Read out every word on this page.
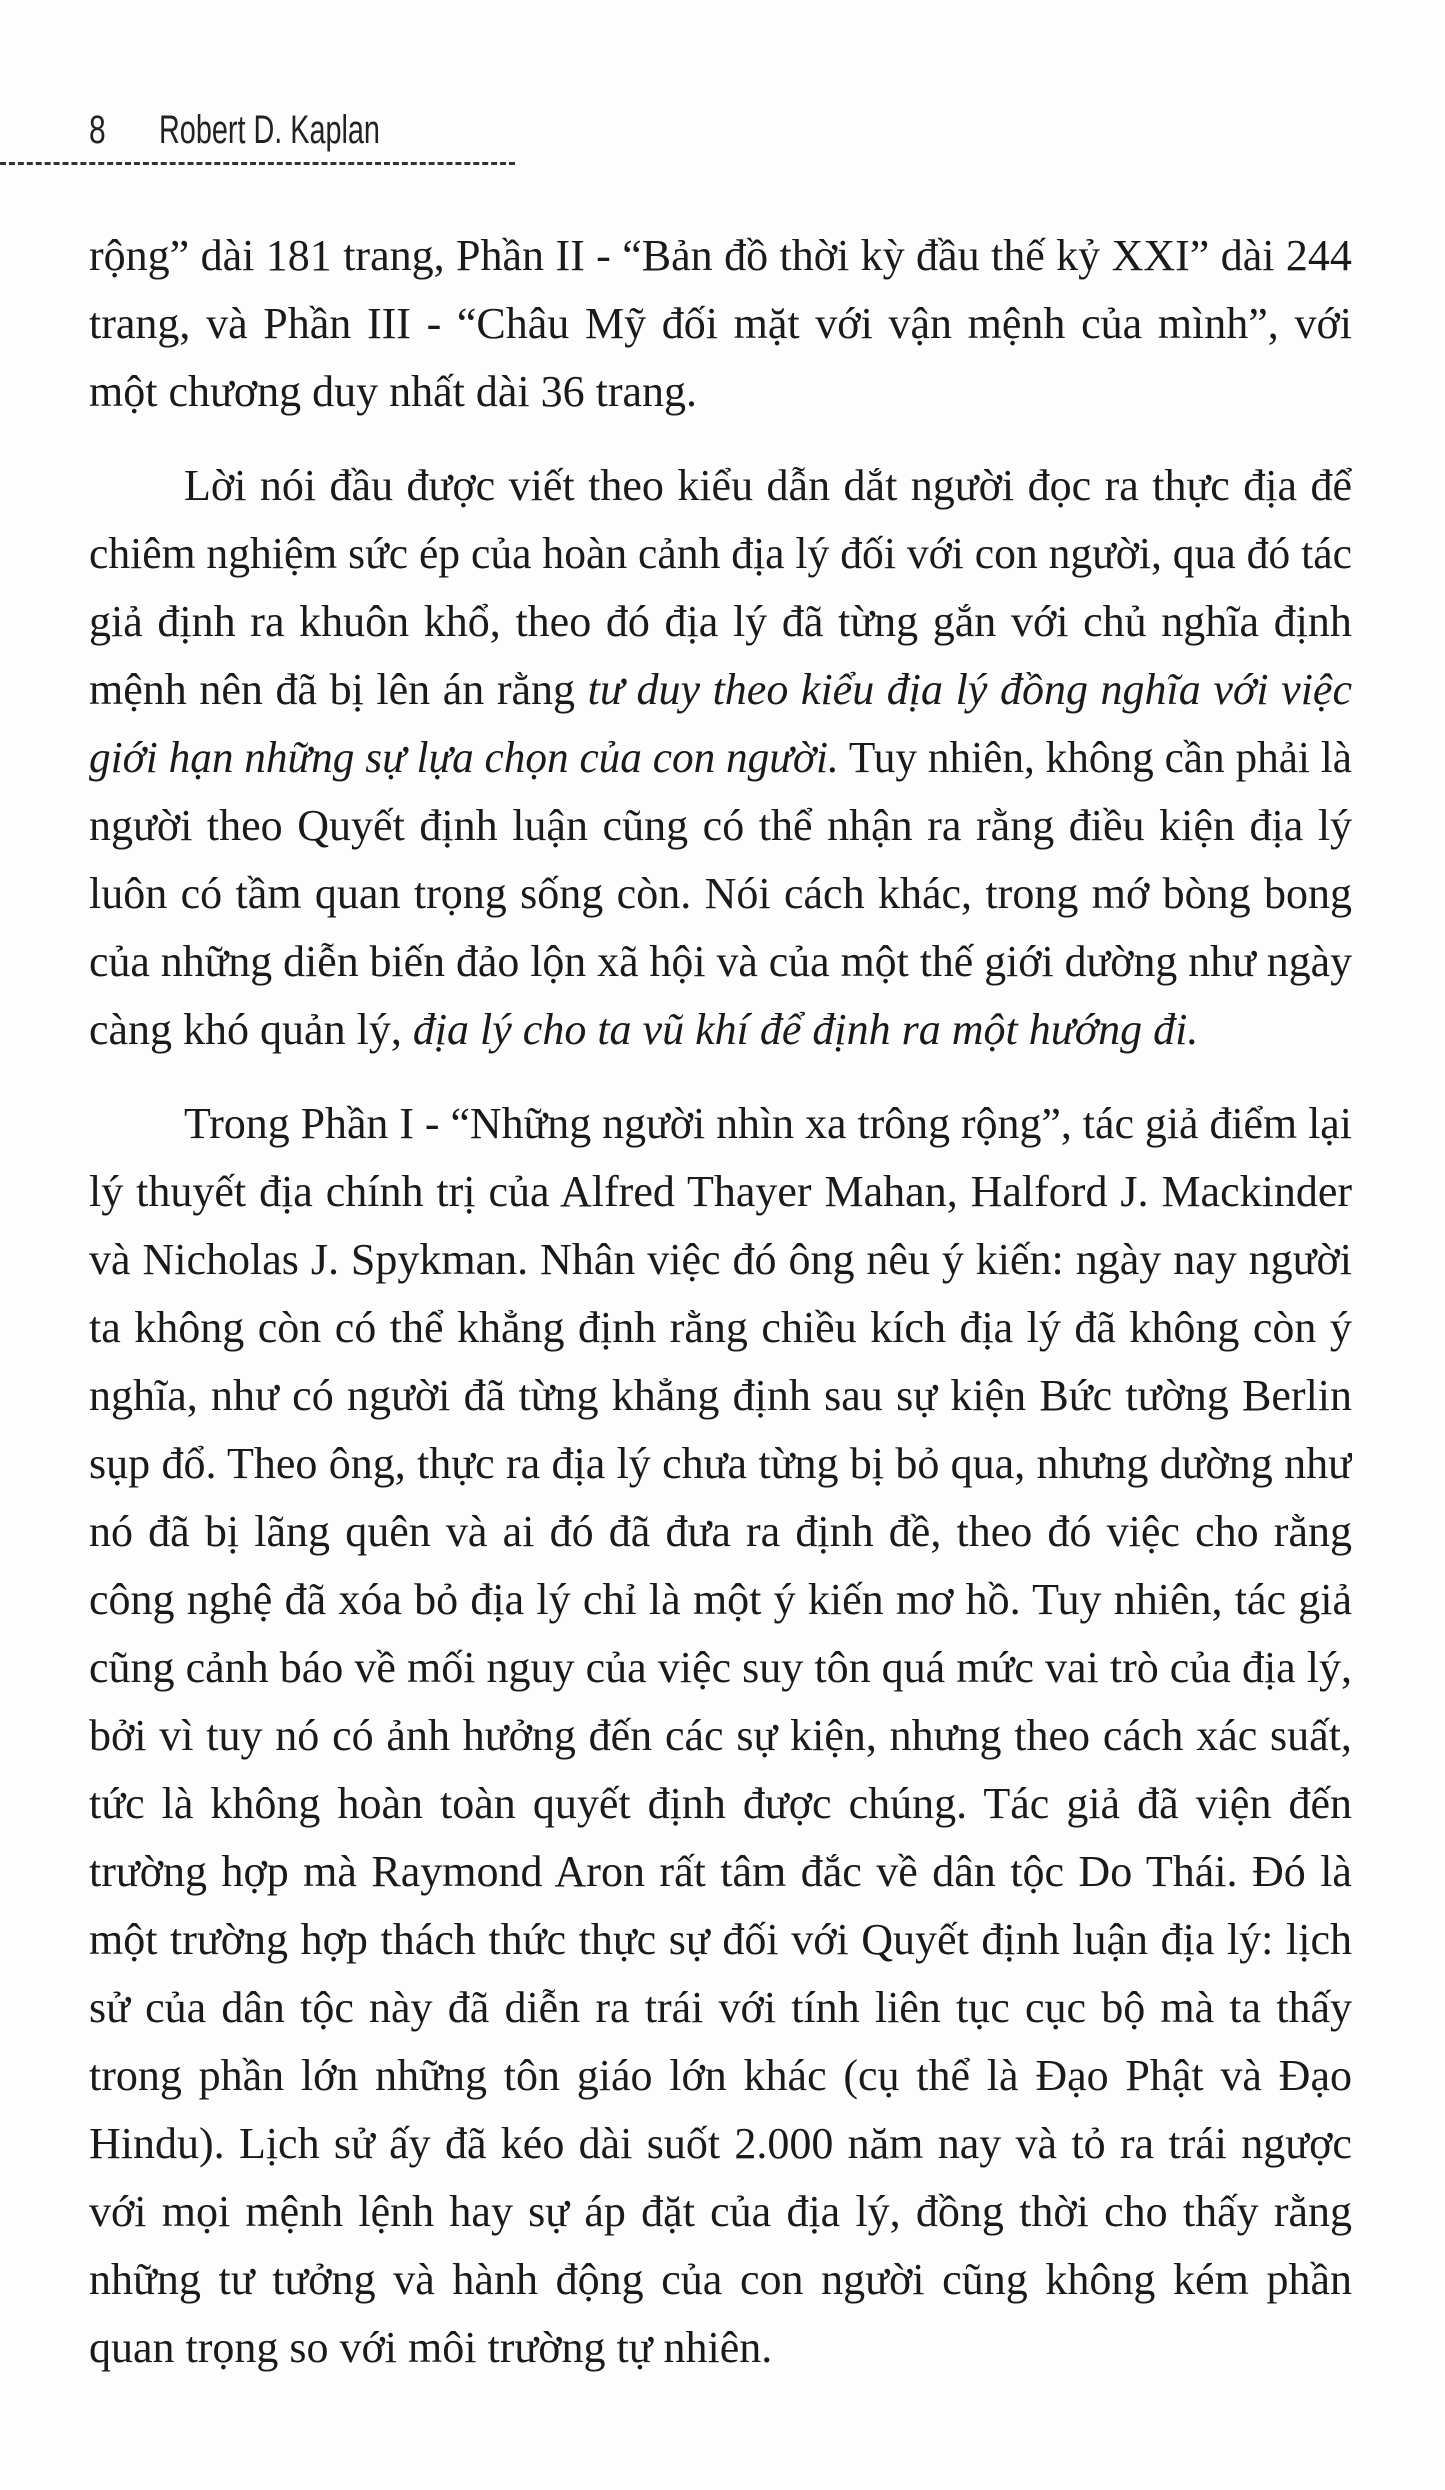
8	Robert D. Kaplan
rộng” dài 181 trang, Phần II - “Bản đồ thời kỳ đầu thế kỷ XXI” dài 244
trang, và Phần III - “Châu Mỹ đối mặt với vận mệnh của mình”, với
một chương duy nhất dài 36 trang.
Lời nói đầu được viết theo kiểu dẫn dắt người đọc ra thực địa để
chiêm nghiệm sức ép của hoàn cảnh địa lý đối với con người, qua đó tác
giả định ra khuôn khổ, theo đó địa lý đã từng gắn với chủ nghĩa định
mệnh nên đã bị lên án rằng tư duy theo kiểu địa lý đồng nghĩa với việc
giới hạn những sự lựa chọn của con người. Tuy nhiên, không cần phải là
người theo Quyết định luận cũng có thể nhận ra rằng điều kiện địa lý
luôn có tầm quan trọng sống còn. Nói cách khác, trong mớ bòng bong
của những diễn biến đảo lộn xã hội và của một thế giới dường như ngày
càng khó quản lý, địa lý cho ta vũ khí để định ra một hướng đi.
Trong Phần I - “Những người nhìn xa trông rộng”, tác giả điểm lại
lý thuyết địa chính trị của Alfred Thayer Mahan, Halford J. Mackinder
và Nicholas J. Spykman. Nhân việc đó ông nêu ý kiến: ngày nay người
ta không còn có thể khẳng định rằng chiều kích địa lý đã không còn ý
nghĩa, như có người đã từng khẳng định sau sự kiện Bức tường Berlin
sụp đổ. Theo ông, thực ra địa lý chưa từng bị bỏ qua, nhưng dường như
nó đã bị lãng quên và ai đó đã đưa ra định đề, theo đó việc cho rằng
công nghệ đã xóa bỏ địa lý chỉ là một ý kiến mơ hồ. Tuy nhiên, tác giả
cũng cảnh báo về mối nguy của việc suy tôn quá mức vai trò của địa lý,
bởi vì tuy nó có ảnh hưởng đến các sự kiện, nhưng theo cách xác suất,
tức là không hoàn toàn quyết định được chúng. Tác giả đã viện đến
trường hợp mà Raymond Aron rất tâm đắc về dân tộc Do Thái. Đó là
một trường hợp thách thức thực sự đối với Quyết định luận địa lý: lịch
sử của dân tộc này đã diễn ra trái với tính liên tục cục bộ mà ta thấy
trong phần lớn những tôn giáo lớn khác (cụ thể là Đạo Phật và Đạo
Hindu). Lịch sử ấy đã kéo dài suốt 2.000 năm nay và tỏ ra trái ngược
với mọi mệnh lệnh hay sự áp đặt của địa lý, đồng thời cho thấy rằng
những tư tưởng và hành động của con người cũng không kém phần
quan trọng so với môi trường tự nhiên.
